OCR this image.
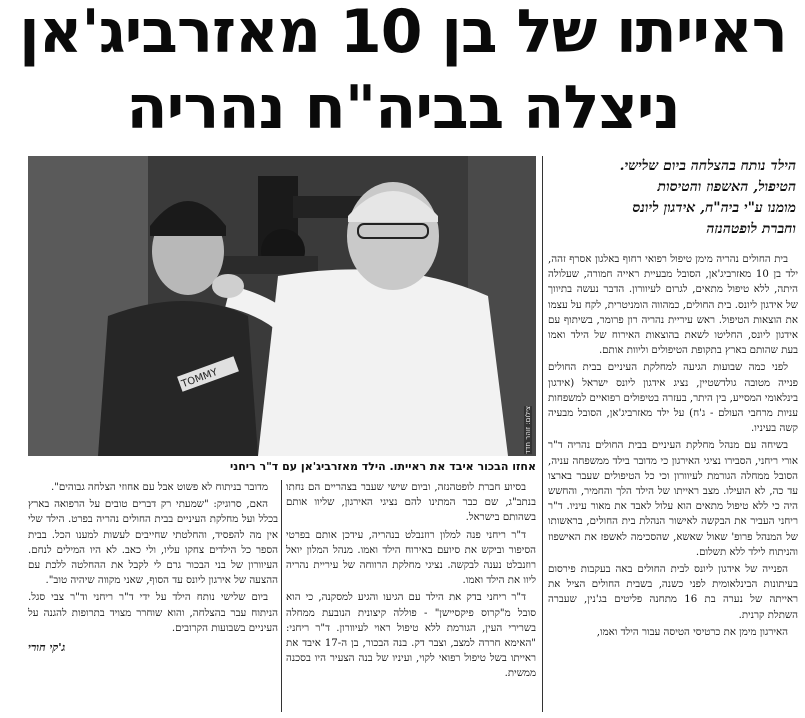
ראייתו של בן 10 מאזרביג'אן
ניצלה בביה"ח נהריה
TOMMY
צילום: זוהר חדד
אחזו הבכור איבד את ראייתו. הילד מאזרביג'אן עם ד"ר ריחני

הילד נותח בהצלחה ביום שלישי.

הטיפול, האשפוז והטיסות

מומנו ע"י ביה"ח, אידגון ליונס

וחברת לופטהנזה

בית החולים נהריה מימן טיפול רפואי רחוף באלגון אסרף זהה, ילד בן 10 מאזרביג'אן, הסובל מבעיית ראייה חמורה, שעלולה היתה, ללא טיפול מתאים, לגרום לעיוורון. הדבר נעשה בתיווך של אידגון ליונס. בית החולים, כמהווה הומניטרית, לקח על עצמו את הוצאות הטיפול. ראש עיריית נהריה רון פרומר, בשיתוף עם אידגון ליונס, החליטו לשאת בהוצאות האירוח של הילד ואמו בעת שהותם בארץ בתקופת הטיפולים וליוות אותם.

לפני כמה שבועות הגיעה למחלקת העיניים בבית החולים פנייה מטובה גולדשטיין, נציג אידגון ליונס ישראל (אידגון בינלאומי המסייע, בין היתר, בעזרה בטיפולים רפואיים למשפחות עניות מרחבי העולם - ג'ח) על ילד מאזרביג'אן, הסובל מבעיה קשה בעיניו.

בשיחה עם מנהל מחלקת העיניים בבית החולים נהריה ד"ר אורי ריחני, הסבירו נציגי האירגון כי מדובר בילד ממשפחה עניה, הסובל ממחלה הגורמת לעיוורון וכי כל הטיפולים שעבר בארצו עד כה, לא הועילו. מצב ראייתו של הילד הלך והחמיר, והחשש היה כי ללא טיפול מתאים הוא עלול לאבד את מאור עיניו. ד"ר ריחני העביר את הבקשה לאישור הנהלת בית החולים, בראשותו של המנהל פרופ' שאול שאשא, שהסכימה לאשפז את האישפוז והניתוח לילד ללא תשלום.

הפנייה של אידגון ליונס לבית החולים באה בעקבות פירסום בעיתונות הבינלאומית לפני כשנה, בשבית החולים הציל את ראייתה של נערה בת 16 מתחנה פליטים בג'נין, שעברה השתלת קרנית.

האירגון מימן את כרטיסי הטיסה עבור הילד ואמו,

בסיוע חברת לופטהנזה, וביום שישי שעבר בצהריים הם נחתו בנתב"ג, שם כבר המתינו להם נציגי האירגון, שליוו אותם בשהותם בישראל.

ד"ר ריחני פנה למלון רוזנבלט בנהריה, עידכן אותם בפרטי הסיפור וביקש את סיועם באירוח הילד ואמו. מנהל המלון יואל רוזנבלט נענה לבקשה. נציגי מחלקת הרווחה של עיריית נהריה ליוו את הילד ואמו.

ד"ר ריחני בדק את הילד עם הגיעו והגיע למסקנה, כי הוא סובל מ"קרוס פיקסיישן" - פוללה קיצונית הנובעת ממחלה בשרירי העין, הגורמת ללא טיפול ראוי לעיוורון. ד"ר ריחני: "האימא חררה למצב, וצבר דק. בנה הבכור, בן ה-17 איבד את ראייתו בשל טיפול רפואי לקוי, ועיניו של בנה הצעיר היו בסכנה ממשית.

מדובר בניתוח לא פשוט אבל עם אחוזי הצלחה גבוהים".

האם, סרוגיק: "שמעתי רק דברים טובים על הרפואה בארץ בכלל ועל מחלקת העיניים בבית החולים נהריה בפרט. הילד שלי אין מה להפסיד, והחלטתי שחייבים לעשות למענו הכל. בבית הספר כל הילדים צחקו עליו, ולי כאב. לא היו המילים לנחם. העיוורון של בני הבכור גרם לי לקבל את ההחלטה ללכת עם ההצעה של אירגון ליונס עד הסוף, שאני מקווה שיהיה טוב".

ביום שלישי נותח הילד על ידי ד"ר ריחני וד"ר צבי סגל. הניתוח עבר בהצלחה, והוא שוחרר מצויד בתרופות להגנה על העיניים בשבועות הקרובים.

ג'קי חורי
